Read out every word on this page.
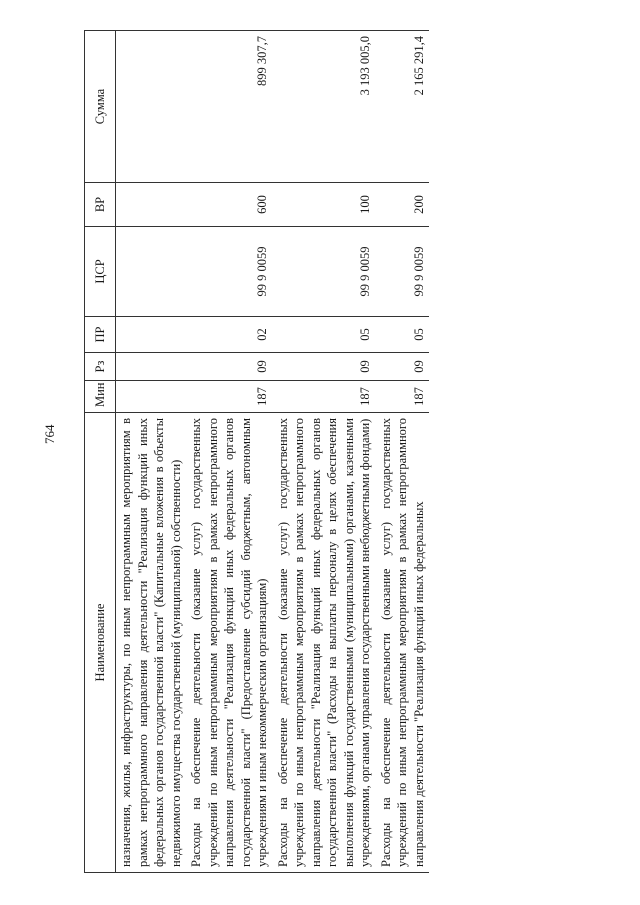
764
Наименование	Мин	Рз	ПР	ЦСР	ВР	Сумма
назначения, жилья, инфраструктуры, по иным непрограммным мероприятиям в рамках непрограммного направления деятельности "Реализация функций иных федеральных органов государственной власти" (Капитальные вложения в объекты недвижимого имущества государственной (муниципальной) собственности)						
Расходы на обеспечение деятельности (оказание услуг) государственных учреждений по иным непрограммным мероприятиям в рамках непрограммного направления деятельности "Реализация функций иных федеральных органов государственной власти" (Предоставление субсидий бюджетным, автономным учреждениям и иным некоммерческим организациям)	187	09	02	99 9 0059	600	899 307,7
Расходы на обеспечение деятельности (оказание услуг) государственных учреждений по иным непрограммным мероприятиям в рамках непрограммного направления деятельности "Реализация функций иных федеральных органов государственной власти" (Расходы на выплаты персоналу в целях обеспечения выполнения функций государственными (муниципальными) органами, казенными учреждениями, органами управления государственными внебюджетными фондами)	187	09	05	99 9 0059	100	3 193 005,0
Расходы на обеспечение деятельности (оказание услуг) государственных учреждений по иным непрограммным мероприятиям в рамках непрограммного направления деятельности "Реализация функций иных федеральных	187	09	05	99 9 0059	200	2 165 291,4
